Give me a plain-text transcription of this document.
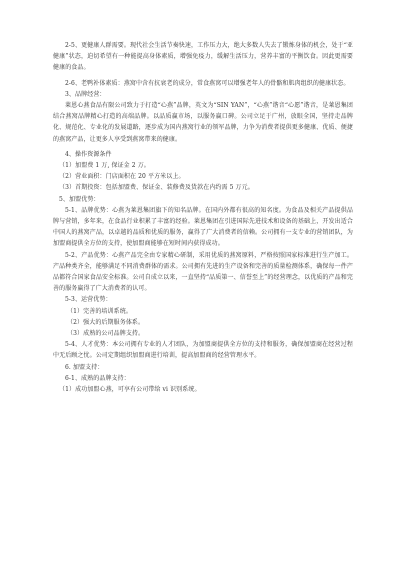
2-5、更健康人群需要。现代社会生活节奏快速，工作压力大，绝大多数人失去了锻炼身体的机会，处于“亚健康”状态，迫切希望有一种能提高身体素质，增强免疫力，缓解生活压力，营养丰富的平衡饮食。因此更需要健康的食品。

2-6、老鸭补体素质：燕窝中含有抗衰老的成分，常食燕窝可以增强老年人的骨骼和肌肉组织的健康状态。

3、品牌经营：

莱恩心燕食品有限公司致力于打造“心燕”品牌，英文为“SIN YAN”，“心燕”谐音“心愿”谐音，是莱恩集团结合燕窝品牌精心打造的高端品牌。以品质赢市场，以服务赢口碑。公司立足于广州，放眼全国，坚持走品牌化、规范化、专业化的发展道路，逐步成为国内燕窝行业的领军品牌，力争为消费者提供更多健康、优质、便捷的燕窝产品，让更多人享受到燕窝带来的健康。

4、操作资源条件

（1）加盟费 1 万, 保证金 2 万。

（2）营业面积：门店面积在 20 平方米以上。

（3）首期投资：包括加盟费、保证金、装修费及货款在内约需 5 万元。

5、加盟优势：

5-1、品牌优势：心燕为莱恩集团旗下的知名品牌。在国内外都有很高的知名度。为食品及相关产品提供品牌与营销，多年来，在食品行业积累了丰富的经验。莱恩集团在引进国际先进技术和设备的基础上，开发出适合中国人的燕窝产品，以卓越的品质和优质的服务，赢得了广大消费者的信赖。公司拥有一支专业的营销团队，为加盟商提供全方位的支持，使加盟商能够在短时间内获得成功。

5-2、产品优势：心燕产品完全由专家精心研制，采用优质的燕窝原料，严格按照国家标准进行生产加工。产品种类齐全，能够满足不同消费群体的需求。公司拥有先进的生产设备和完善的质量检测体系，确保每一件产品都符合国家食品安全标准。公司自成立以来，一直坚持“品质第一、信誉至上”的经营理念，以优质的产品和完善的服务赢得了广大消费者的认可。

5-3、运营优势：

（1）完善的培训系统。

（2）强大的后期服务体系。

（3）成熟的公司品牌支持。

5-4、人才优势：本公司拥有专业的人才团队，为加盟商提供全方位的支持和服务，确保加盟商在经营过程中无后顾之忧。公司定期组织加盟商进行培训，提高加盟商的经营管理水平。

6. 加盟支持：

6-1、成熟的品牌支持：

（1）成功加盟心燕，可享有公司带给 vi 识别系统。
